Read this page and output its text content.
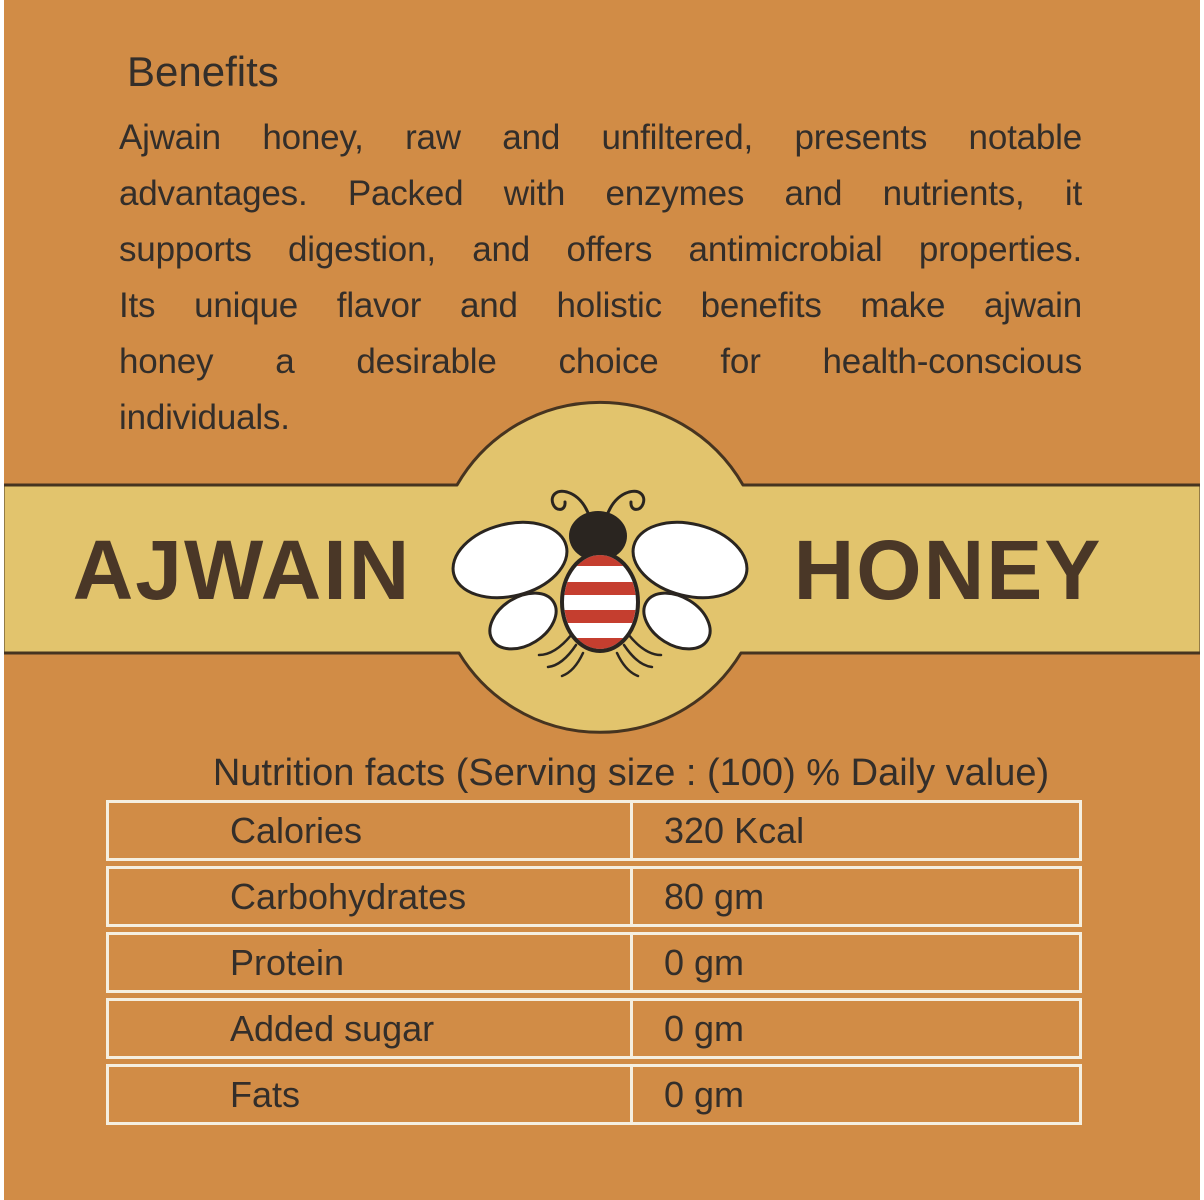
Benefits
Ajwain honey, raw and unfiltered, presents notable
advantages. Packed with enzymes and nutrients, it
supports digestion, and offers antimicrobial properties.
Its unique flavor and holistic benefits make ajwain
honey a desirable choice for health-conscious
individuals.
AJWAIN	HONEY
Nutrition facts (Serving size : (100) % Daily value)
Calories	320 Kcal
Carbohydrates	80 gm
Protein	0 gm
Added sugar	0 gm
Fats	0 gm
